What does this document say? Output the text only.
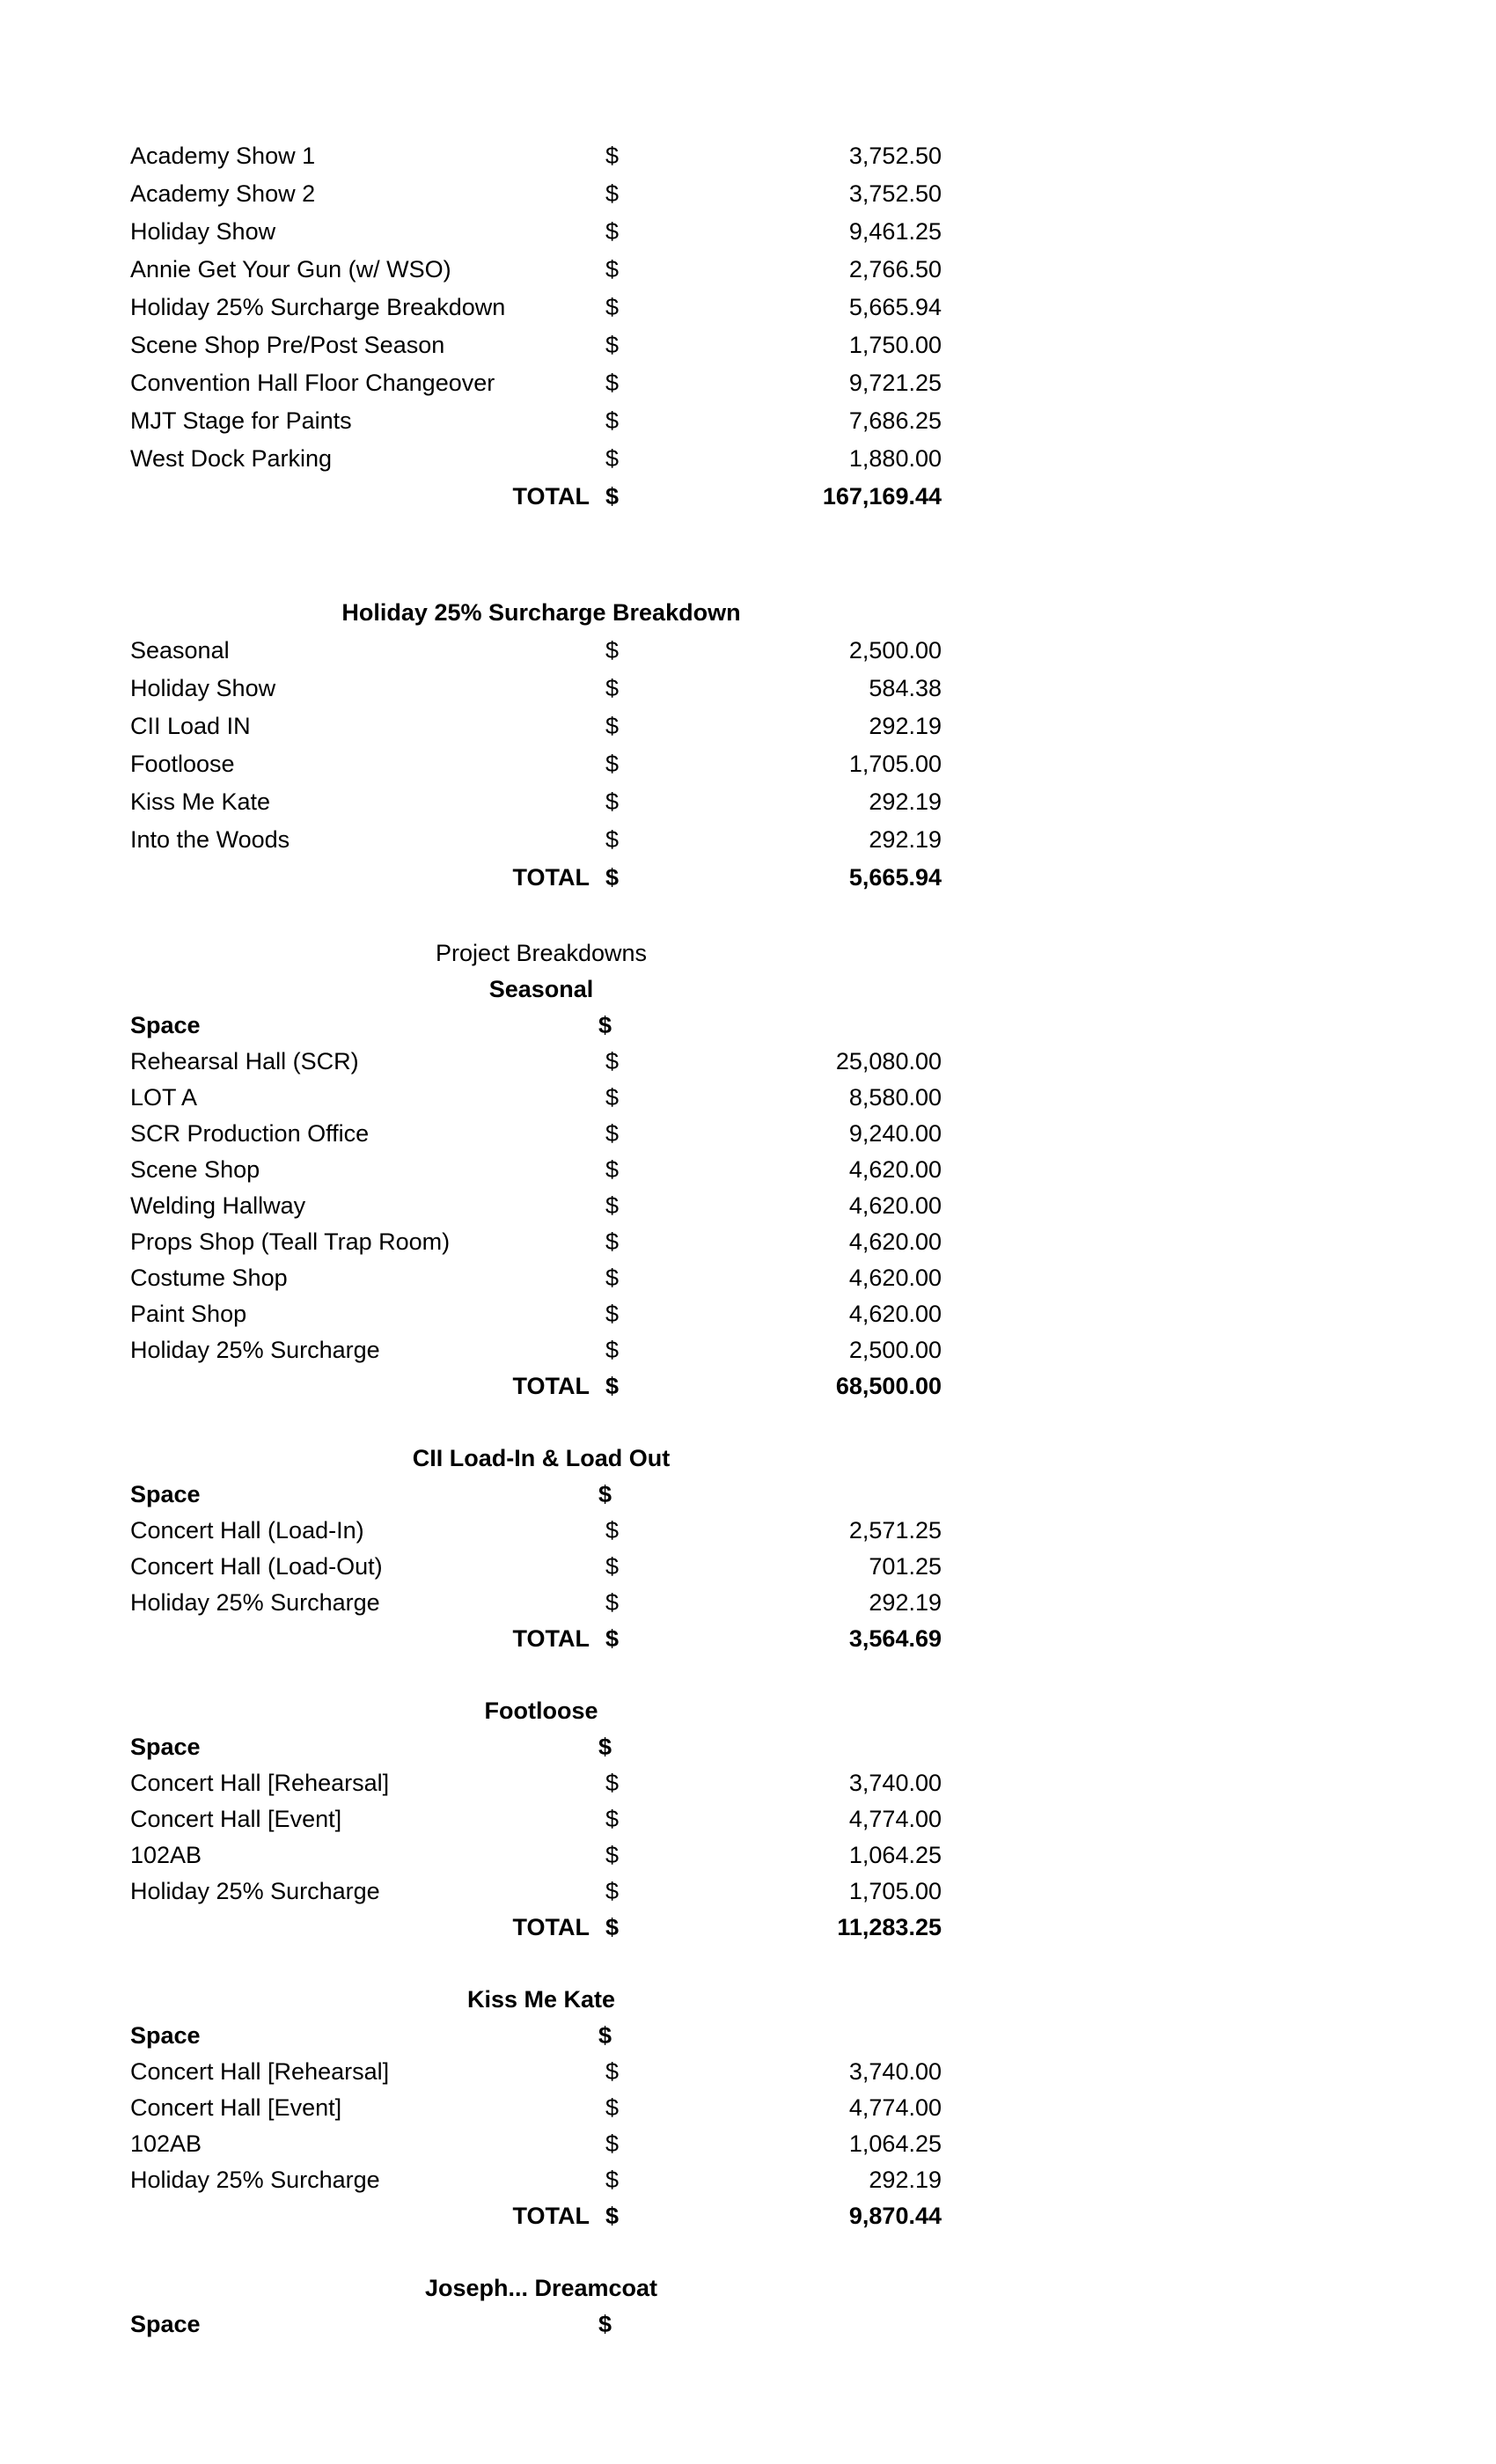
Academy Show 1	$	3,752.50
Academy Show 2	$	3,752.50
Holiday Show	$	9,461.25
Annie Get Your Gun (w/ WSO)	$	2,766.50
Holiday 25% Surcharge Breakdown	$	5,665.94
Scene Shop Pre/Post Season	$	1,750.00
Convention Hall Floor Changeover	$	9,721.25
MJT Stage for Paints	$	7,686.25
West Dock Parking	$	1,880.00
TOTAL $	167,169.44
Holiday 25% Surcharge Breakdown
Seasonal	$	2,500.00
Holiday Show	$	584.38
CII Load IN	$	292.19
Footloose	$	1,705.00
Kiss Me Kate	$	292.19
Into the Woods	$	292.19
TOTAL $	5,665.94
Project Breakdowns
Seasonal
Space	$
Rehearsal Hall (SCR)	$	25,080.00
LOT A	$	8,580.00
SCR Production Office	$	9,240.00
Scene Shop	$	4,620.00
Welding Hallway	$	4,620.00
Props Shop (Teall Trap Room)	$	4,620.00
Costume Shop	$	4,620.00
Paint Shop	$	4,620.00
Holiday 25% Surcharge	$	2,500.00
TOTAL $	68,500.00
CII Load-In & Load Out
Space	$
Concert Hall (Load-In)	$	2,571.25
Concert Hall (Load-Out)	$	701.25
Holiday 25% Surcharge	$	292.19
TOTAL $	3,564.69
Footloose
Space	$
Concert Hall [Rehearsal]	$	3,740.00
Concert Hall [Event]	$	4,774.00
102AB	$	1,064.25
Holiday 25% Surcharge	$	1,705.00
TOTAL $	11,283.25
Kiss Me Kate
Space	$
Concert Hall [Rehearsal]	$	3,740.00
Concert Hall [Event]	$	4,774.00
102AB	$	1,064.25
Holiday 25% Surcharge	$	292.19
TOTAL $	9,870.44
Joseph... Dreamcoat
Space	$
